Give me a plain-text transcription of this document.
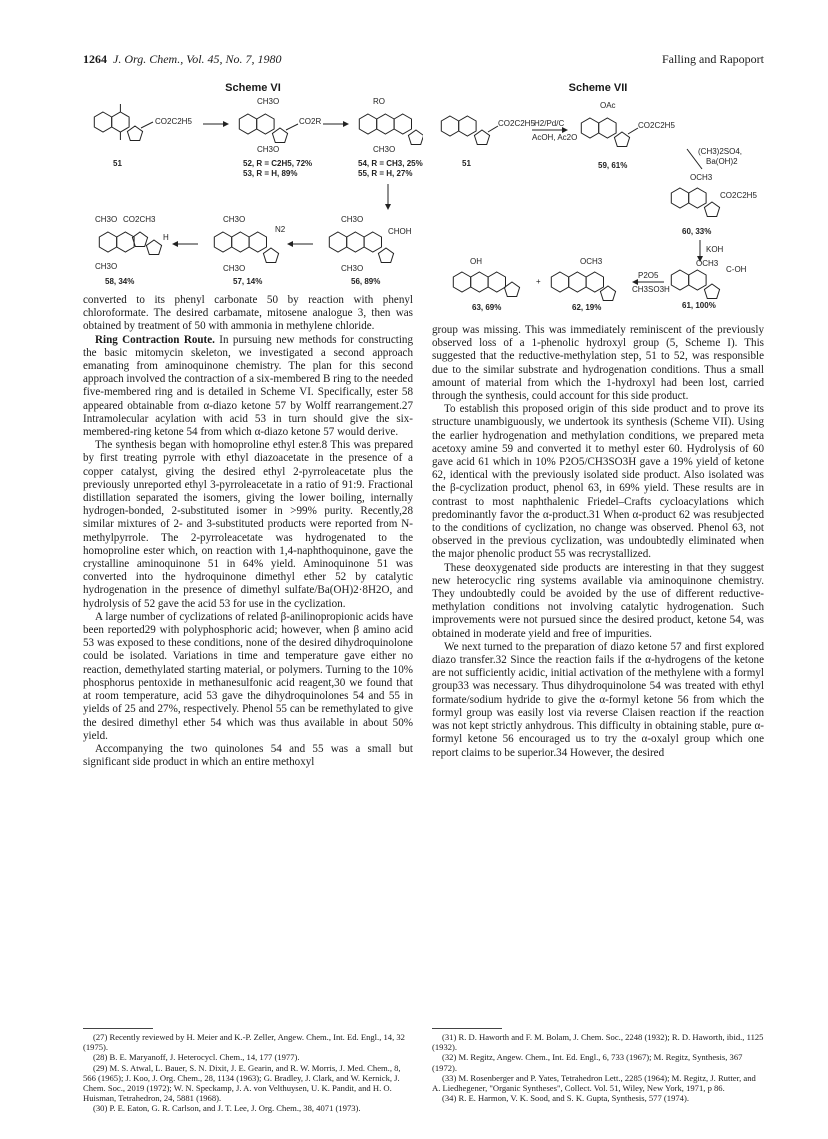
1264 J. Org. Chem., Vol. 45, No. 7, 1980	Falling and Rapoport
Scheme VI
CO2C2H5
51
CH3O
CH3O
CO2R
52, R = C2H5, 72%
53, R = H, 89%
RO
CH3O
54, R = CH3, 25%
55, R = H, 27%
CH3O CO2CH3
H
CH3O
58, 34%
CH3O
N2
CH3O
57, 14%
CH3O
CHOH
CH3O
56, 89%
Scheme VII
CO2C2H5
51
H2/Pd/C
AcOH, Ac2O
OAc
CO2C2H5
59, 61%
(CH3)2SO4,
Ba(OH)2
OCH3
CO2C2H5
60, 33%
KOH
OCH3
C-OH
61, 100%
P2O5
CH3SO3H
OCH3
62, 19%
+
OH
63, 69%

converted to its phenyl carbonate 50 by reaction with phenyl chloroformate. The desired carbamate, mitosene analogue 3, then was obtained by treatment of 50 with ammonia in methylene chloride.

Ring Contraction Route. In pursuing new methods for constructing the basic mitomycin skeleton, we investigated a second approach emanating from aminoquinone chemistry. The plan for this second approach involved the contraction of a six-membered B ring to the needed five-membered ring and is detailed in Scheme VI. Specifically, ester 58 appeared obtainable from α-diazo ketone 57 by Wolff rearrangement.27 Intramolecular acylation with acid 53 in turn should give the six-membered-ring ketone 54 from which α-diazo ketone 57 would derive.

The synthesis began with homoproline ethyl ester.8 This was prepared by first treating pyrrole with ethyl diazoacetate in the presence of a copper catalyst, giving the desired ethyl 2-pyrroleacetate plus the previously unreported ethyl 3-pyrroleacetate in a ratio of 91:9. Fractional distillation separated the isomers, giving the lower boiling, internally hydrogen-bonded, 2-substituted isomer in >99% purity. Recently,28 similar mixtures of 2- and 3-substituted products were reported from N-methylpyrrole. The 2-pyrroleacetate was hydrogenated to the homoproline ester which, on reaction with 1,4-naphthoquinone, gave the crystalline aminoquinone 51 in 64% yield. Aminoquinone 51 was converted into the hydroquinone dimethyl ether 52 by catalytic hydrogenation in the presence of dimethyl sulfate/Ba(OH)2·8H2O, and hydrolysis of 52 gave the acid 53 for use in the cyclization.

A large number of cyclizations of related β-anilinopropionic acids have been reported29 with polyphosphoric acid; however, when β amino acid 53 was exposed to these conditions, none of the desired dihydroquinolone could be isolated. Variations in time and temperature gave either no reaction, demethylated starting material, or polymers. Turning to the 10% phosphorus pentoxide in methanesulfonic acid reagent,30 we found that at room temperature, acid 53 gave the dihydroquinolones 54 and 55 in yields of 25 and 27%, respectively. Phenol 55 can be remethylated to give the desired dimethyl ether 54 which was thus available in about 50% yield.

Accompanying the two quinolones 54 and 55 was a small but significant side product in which an entire methoxyl

group was missing. This was immediately reminiscent of the previously observed loss of a 1-phenolic hydroxyl group (5, Scheme I). This suggested that the reductive-methylation step, 51 to 52, was responsible due to the similar substrate and hydrogenation conditions. Thus a small amount of material from which the 1-hydroxyl had been lost, carried through the synthesis, could account for this side product.

To establish this proposed origin of this side product and to prove its structure unambiguously, we undertook its synthesis (Scheme VII). Using the earlier hydrogenation and methylation conditions, we prepared meta acetoxy amine 59 and converted it to methyl ester 60. Hydrolysis of 60 gave acid 61 which in 10% P2O5/CH3SO3H gave a 19% yield of ketone 62, identical with the previously isolated side product. Also isolated was the β-cyclization product, phenol 63, in 69% yield. These results are in contrast to most naphthalenic Friedel–Crafts cycloacylations which predominantly favor the α-product.31 When α-product 62 was resubjected to the conditions of cyclization, no change was observed. Phenol 63, not observed in the previous cyclization, was undoubtedly eliminated when the major phenolic product 55 was recrystallized.

These deoxygenated side products are interesting in that they suggest new heterocyclic ring systems available via aminoquinone chemistry. They undoubtedly could be avoided by the use of different reductive-methylation conditions not involving catalytic hydrogenation. Such improvements were not pursued since the desired product, ketone 54, was obtained in moderate yield and free of impurities.

We next turned to the preparation of diazo ketone 57 and first explored diazo transfer.32 Since the reaction fails if the α-hydrogens of the ketone are not sufficiently acidic, initial activation of the methylene with a formyl group33 was necessary. Thus dihydroquinolone 54 was treated with ethyl formate/sodium hydride to give the α-formyl ketone 56 from which the formyl group was easily lost via reverse Claisen reaction if the reaction was not kept strictly anhydrous. This difficulty in obtaining stable, pure α-formyl ketone 56 encouraged us to try the α-oxalyl group which one report claims to be superior.34 However, the desired

(27) Recently reviewed by H. Meier and K.-P. Zeller, Angew. Chem., Int. Ed. Engl., 14, 32 (1975).
(28) B. E. Maryanoff, J. Heterocycl. Chem., 14, 177 (1977).
(29) M. S. Atwal, L. Bauer, S. N. Dixit, J. E. Gearin, and R. W. Morris, J. Med. Chem., 8, 566 (1965); J. Koo, J. Org. Chem., 28, 1134 (1963); G. Bradley, J. Clark, and W. Kernick, J. Chem. Soc., 2019 (1972); W. N. Speckamp, J. A. von Velthuysen, U. K. Pandit, and H. O. Huisman, Tetrahedron, 24, 5881 (1968).
(30) P. E. Eaton, G. R. Carlson, and J. T. Lee, J. Org. Chem., 38, 4071 (1973).
(31) R. D. Haworth and F. M. Bolam, J. Chem. Soc., 2248 (1932); R. D. Haworth, ibid., 1125 (1932).
(32) M. Regitz, Angew. Chem., Int. Ed. Engl., 6, 733 (1967); M. Regitz, Synthesis, 367 (1972).
(33) M. Rosenberger and P. Yates, Tetrahedron Lett., 2285 (1964); M. Regitz, J. Rutter, and A. Liedhegener, "Organic Syntheses", Collect. Vol. 51, Wiley, New York, 1971, p 86.
(34) R. E. Harmon, V. K. Sood, and S. K. Gupta, Synthesis, 577 (1974).
